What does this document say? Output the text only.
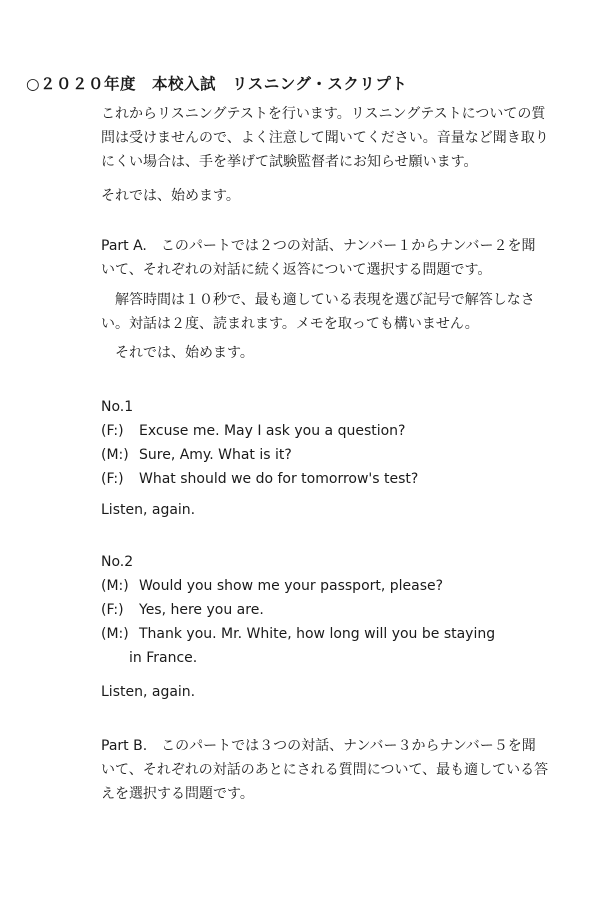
○２０２０年度　本校入試　リスニング・スクリプト
これからリスニングテストを行います。リスニングテストについての質
問は受けませんので、よく注意して聞いてください。音量など聞き取り
にくい場合は、手を挙げて試験監督者にお知らせ願います。
それでは、始めます。
Part A.　このパートでは２つの対話、ナンバー１からナンバー２を聞
いて、それぞれの対話に続く返答について選択する問題です。
解答時間は１０秒で、最も適している表現を選び記号で解答しなさ
い。対話は２度、読まれます。メモを取っても構いません。
それでは、始めます。
No.1
(F:) Excuse me. May I ask you a question?
(M:) Sure, Amy. What is it?
(F:) What should we do for tomorrow's test?
Listen, again.
No.2
(M:) Would you show me your passport, please?
(F:) Yes, here you are.
(M:) Thank you. Mr. White, how long will you be staying
in France.
Listen, again.
Part B.　このパートでは３つの対話、ナンバー３からナンバー５を聞
いて、それぞれの対話のあとにされる質問について、最も適している答
えを選択する問題です。
